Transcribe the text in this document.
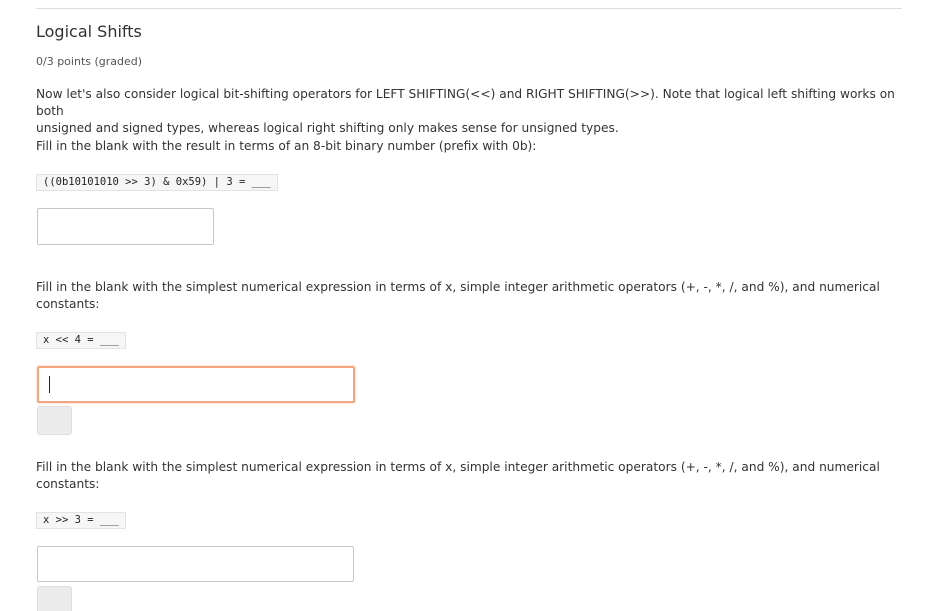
Logical Shifts
0/3 points (graded)

Now let's also consider logical bit-shifting operators for LEFT SHIFTING(<<) and RIGHT SHIFTING(>>). Note that logical left shifting works on both
unsigned and signed types, whereas logical right shifting only makes sense for unsigned types.

Fill in the blank with the result in terms of an 8-bit binary number (prefix with 0b):

((0b10101010 >> 3) & 0x59) | 3 = ___

Fill in the blank with the simplest numerical expression in terms of x, simple integer arithmetic operators (+, -, *, /, and %), and numerical
constants:

x << 4 = ___

Fill in the blank with the simplest numerical expression in terms of x, simple integer arithmetic operators (+, -, *, /, and %), and numerical
constants:

x >> 3 = ___
